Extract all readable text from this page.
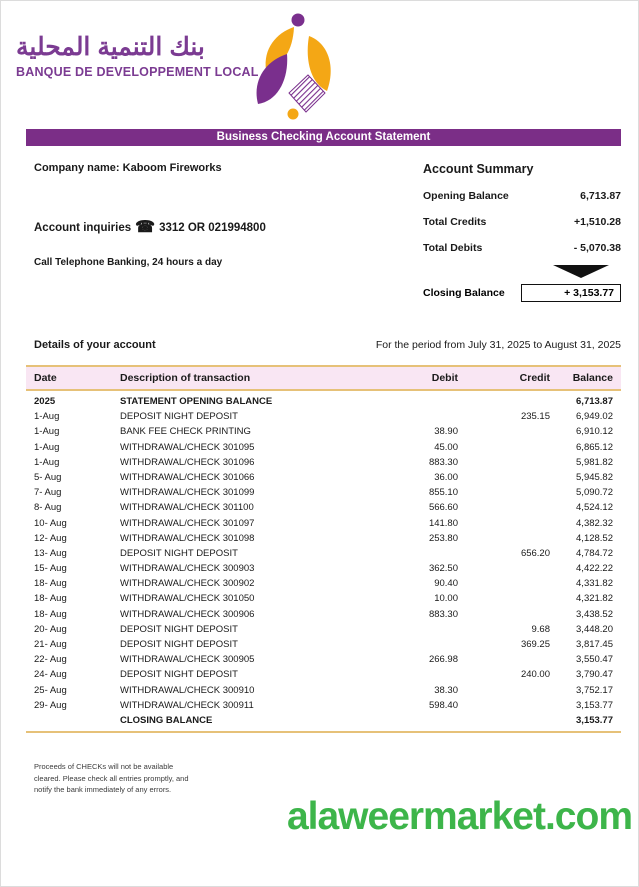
بنك التنمية المحلية
BANQUE DE DEVELOPPEMENT LOCAL
Business Checking Account Statement
Company name: Kaboom Fireworks
Account inquiries ☎ 3312 OR 021994800
Call Telephone Banking, 24 hours a day
Account Summary
Opening Balance	6,713.87
Total Credits	+1,510.28
Total Debits	- 5,070.38
Closing Balance	+ 3,153.77
Details of your account	For the period from July 31, 2025 to August 31, 2025
Date	Description of transaction	Debit	Credit	Balance
2025	STATEMENT OPENING BALANCE			6,713.87
1-Aug	DEPOSIT NIGHT DEPOSIT		235.15	6,949.02
1-Aug	BANK FEE CHECK PRINTING	38.90		6,910.12
1-Aug	WITHDRAWAL/CHECK 301095	45.00		6,865.12
1-Aug	WITHDRAWAL/CHECK 301096	883.30		5,981.82
5- Aug	WITHDRAWAL/CHECK 301066	36.00		5,945.82
7- Aug	WITHDRAWAL/CHECK 301099	855.10		5,090.72
8- Aug	WITHDRAWAL/CHECK 301100	566.60		4,524.12
10- Aug	WITHDRAWAL/CHECK 301097	141.80		4,382.32
12- Aug	WITHDRAWAL/CHECK 301098	253.80		4,128.52
13- Aug	DEPOSIT NIGHT DEPOSIT		656.20	4,784.72
15- Aug	WITHDRAWAL/CHECK 300903	362.50		4,422.22
18- Aug	WITHDRAWAL/CHECK 300902	90.40		4,331.82
18- Aug	WITHDRAWAL/CHECK 301050	10.00		4,321.82
18- Aug	WITHDRAWAL/CHECK 300906	883.30		3,438.52
20- Aug	DEPOSIT NIGHT DEPOSIT		9.68	3,448.20
21- Aug	DEPOSIT NIGHT DEPOSIT		369.25	3,817.45
22- Aug	WITHDRAWAL/CHECK 300905	266.98		3,550.47
24- Aug	DEPOSIT NIGHT DEPOSIT		240.00	3,790.47
25- Aug	WITHDRAWAL/CHECK 300910	38.30		3,752.17
29- Aug	WITHDRAWAL/CHECK 300911	598.40		3,153.77
	CLOSING BALANCE			3,153.77
Proceeds of CHECKs will not be available
cleared. Please check all entries promptly, and
notify the bank immediately of any errors.
alaweermarket.com
